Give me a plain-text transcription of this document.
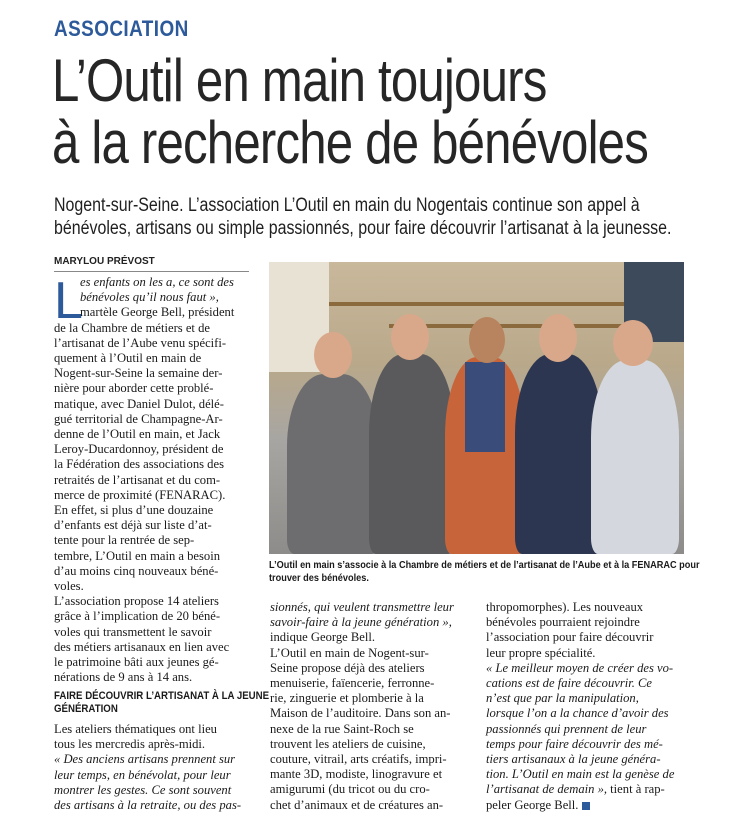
ASSOCIATION
L’Outil en main toujours
à la recherche de bénévoles
Nogent-sur-Seine. L’association L’Outil en main du Nogentais continue son appel à
bénévoles, artisans ou simple passionnés, pour faire découvrir l’artisanat à la jeunesse.
MARYLOU PRÉVOST
L
es enfants on les a, ce sont des
bénévoles qu’il nous faut »,
martèle George Bell, président
de la Chambre de métiers et de
l’artisanat de l’Aube venu spécifi-
quement à l’Outil en main de
Nogent-sur-Seine la semaine der-
nière pour aborder cette problé-
matique, avec Daniel Dulot, délé-
gué territorial de Champagne-Ar-
denne de l’Outil en main, et Jack
Leroy-Ducardonnoy, président de
la Fédération des associations des
retraités de l’artisanat et du com-
merce de proximité (FENARAC).
En effet, si plus d’une douzaine
d’enfants est déjà sur liste d’at-
tente pour la rentrée de sep-
tembre, L’Outil en main a besoin
d’au moins cinq nouveaux béné-
voles.
L’association propose 14 ateliers
grâce à l’implication de 20 béné-
voles qui transmettent le savoir
des métiers artisanaux en lien avec
le patrimoine bâti aux jeunes gé-
nérations de 9 ans à 14 ans.
FAIRE DÉCOUVRIR L’ARTISANAT À LA JEUNE
GÉNÉRATION
Les ateliers thématiques ont lieu
tous les mercredis après-midi.
« Des anciens artisans prennent sur
leur temps, en bénévolat, pour leur
montrer les gestes. Ce sont souvent
des artisans à la retraite, ou des pas-
L’Outil en main s’associe à la Chambre de métiers et de l’artisanat de l’Aube et à la FENARAC pour
trouver des bénévoles.
sionnés, qui veulent transmettre leur
savoir-faire à la jeune génération »,
indique George Bell.
L’Outil en main de Nogent-sur-
Seine propose déjà des ateliers
menuiserie, faïencerie, ferronne-
rie, zinguerie et plomberie à la
Maison de l’auditoire. Dans son an-
nexe de la rue Saint-Roch se
trouvent les ateliers de cuisine,
couture, vitrail, arts créatifs, impri-
mante 3D, modiste, linogravure et
amigurumi (du tricot ou du cro-
chet d’animaux et de créatures an-
thropomorphes). Les nouveaux
bénévoles pourraient rejoindre
l’association pour faire découvrir
leur propre spécialité.
« Le meilleur moyen de créer des vo-
cations est de faire découvrir. Ce
n’est que par la manipulation,
lorsque l’on a la chance d’avoir des
passionnés qui prennent de leur
temps pour faire découvrir des mé-
tiers artisanaux à la jeune généra-
tion. L’Outil en main est la genèse de
l’artisanat de demain », tient à rap-
peler George Bell.
